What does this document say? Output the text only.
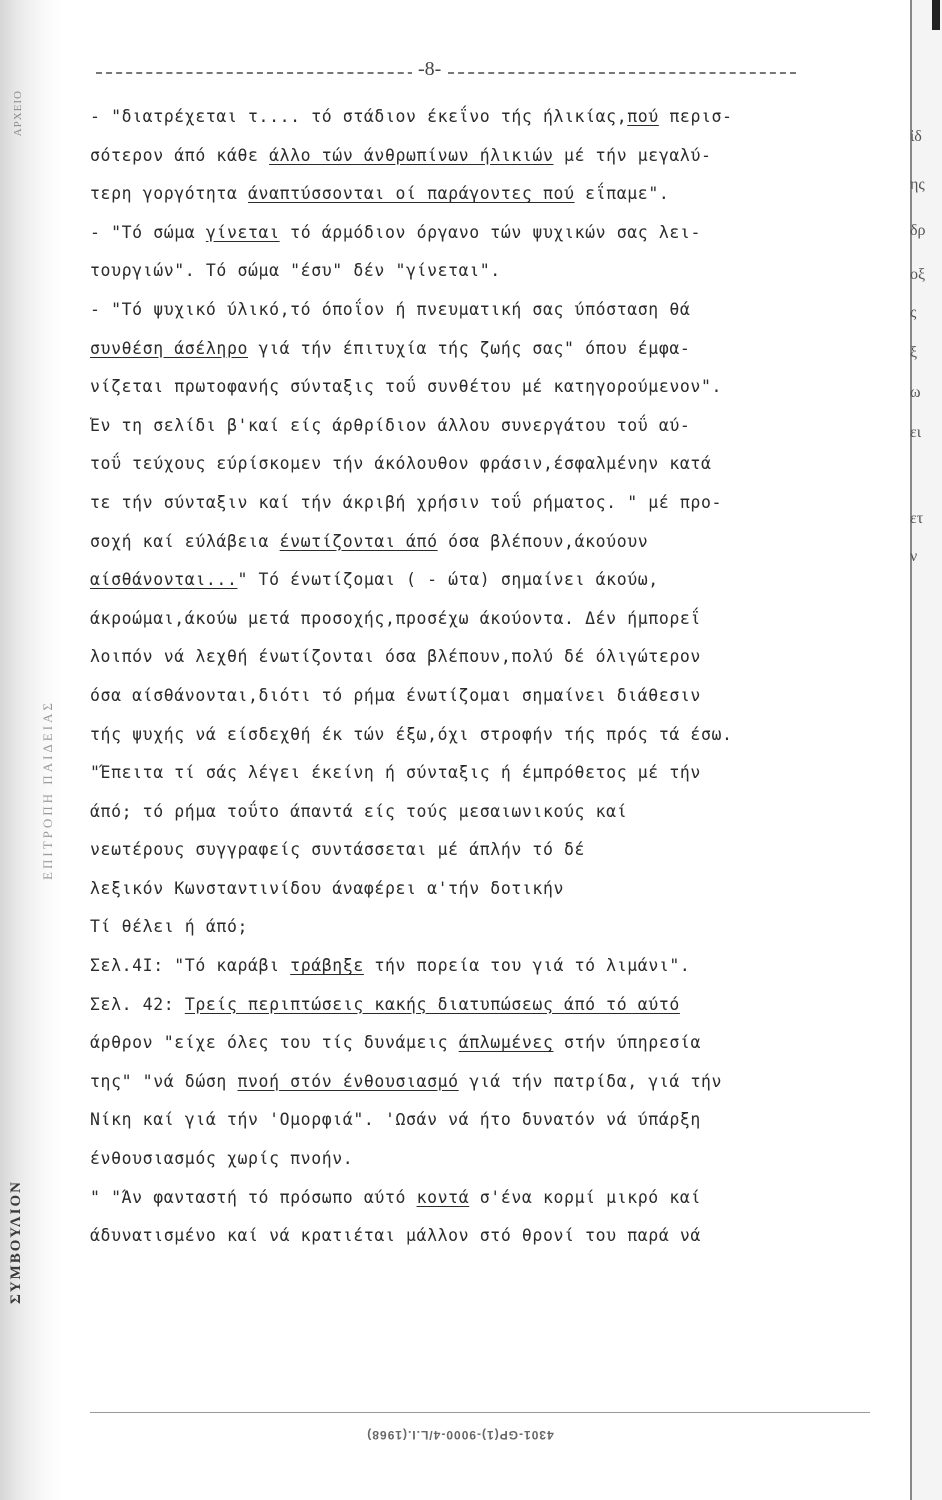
ΑΡΧΕΙΟ
ΕΠΙΤΡΟΠΗ ΠΑΙΔΕΙΑΣ
ΣΥΜΒΟΥΛΙΟΝ
ἰδ
ης
δρ
οξ
ς
ξ
ω
ει
ετ
ν
-8-
- "διατρέχεται τ.... τό στάδιον έκεΐνο τής ήλικίας,πού περισ-
σότερον άπό κάθε άλλο τών άνθρωπίνων ήλικιών μέ τήν μεγαλύ-
τερη γοργότητα άναπτύσσονται οί παράγοντες πού εΐπαμε".
- "Τό σώμα γίνεται τό άρμόδιον όργανο τών ψυχικών σας λει-
τουργιών". Τό σώμα "έσυ" δέν "γίνεται".
- "Τό ψυχικό ύλικό,τό όποΐον ή πνευματική σας ύπόσταση θά
συνθέση άσέληρο γιά τήν έπιτυχία τής ζωής σας" όπου έμφα-
νίζεται πρωτοφανής σύνταξις τοΰ συνθέτου μέ κατηγορούμενον".
Έν τη σελίδι β'καί είς άρθρίδιον άλλου συνεργάτου τοΰ αύ-
τοΰ τεύχους εύρίσκομεν τήν άκόλουθον φράσιν,έσφαλμένην κατά
τε τήν σύνταξιν καί τήν άκριβή χρήσιν τοΰ ρήματος. " μέ προ-
σοχή καί εύλάβεια ένωτίζονται άπό όσα βλέπουν,άκούουν
αίσθάνονται..." Τό ένωτίζομαι ( - ώτα) σημαίνει άκούω,
άκροώμαι,άκούω μετά προσοχής,προσέχω άκούοντα. Δέν ήμπορεΐ
λοιπόν νά λεχθή ένωτίζονται όσα βλέπουν,πολύ δέ όλιγώτερον
όσα αίσθάνονται,διότι τό ρήμα ένωτίζομαι σημαίνει διάθεσιν
τής ψυχής νά είσδεχθή έκ τών έξω,όχι στροφήν τής πρός τά έσω.
"Έπειτα τί σάς λέγει έκείνη ή σύνταξις ή έμπρόθετος μέ τήν
άπό; τό ρήμα τοΰτο άπαντά είς τούς μεσαιωνικούς καί
νεωτέρους συγγραφείς συντάσσεται μέ άπλήν τό δέ
λεξικόν Κωνσταντινίδου άναφέρει α'τήν δοτικήν
Τί θέλει ή άπό;
Σελ.4Ι: "Τό καράβι τράβηξε τήν πορεία του γιά τό λιμάνι".
Σελ. 42: Τρείς περιπτώσεις κακής διατυπώσεως άπό τό αύτό
άρθρον "είχε όλες του τίς δυνάμεις άπλωμένες στήν ύπηρεσία
της" "νά δώση πνοή στόν ένθουσιασμό γιά τήν πατρίδα, γιά τήν
Νίκη καί γιά τήν 'Ομορφιά". 'Ωσάν νά ήτο δυνατόν νά ύπάρξη
ένθουσιασμός χωρίς πνοήν.
" "Άν φανταστή τό πρόσωπο αύτό κοντά σ'ένα κορμί μικρό καί
άδυνατισμένο καί νά κρατιέται μάλλον στό θρονί του παρά νά
4301-GP(1)-9000-4/L.I.(1968)
